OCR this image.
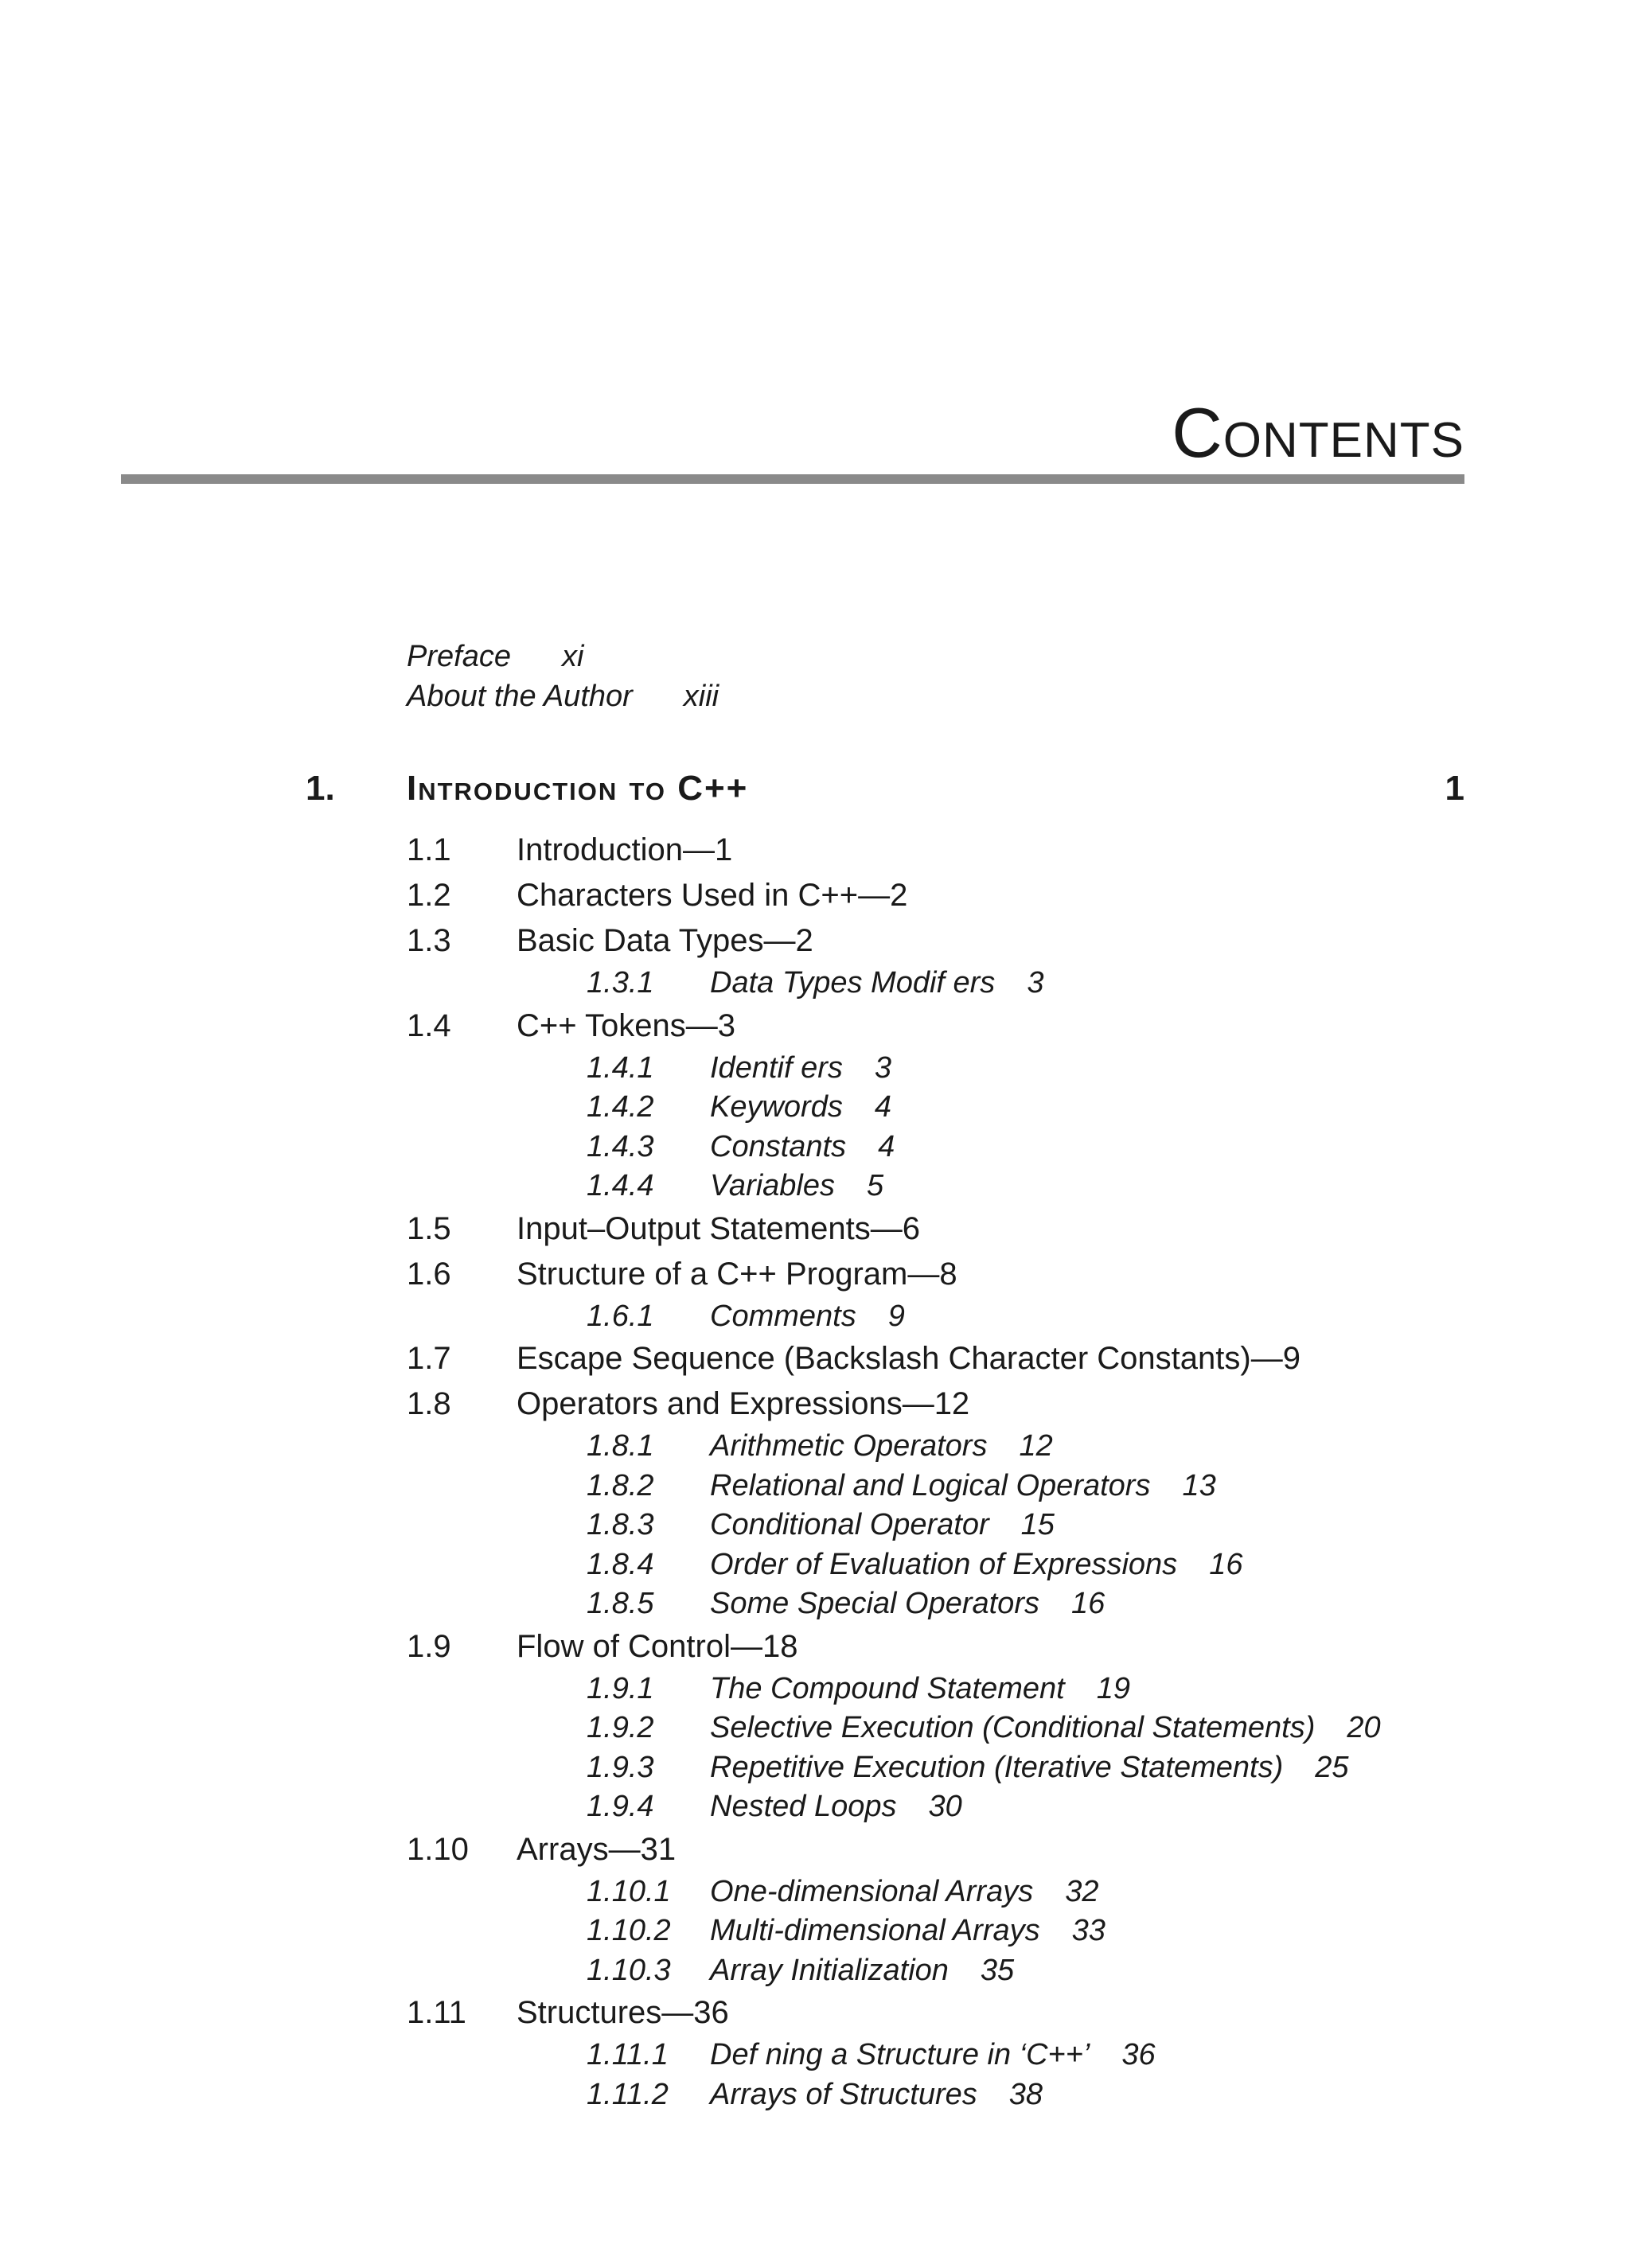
Contents
Preface xi
About the Author xiii
1.	Introduction to C++	1
1.1	Introduction—1
1.2	Characters Used in C++—2
1.3	Basic Data Types—2
1.3.1	Data Types Modif ers 3
1.4	C++ Tokens—3
1.4.1	Identif ers 3
1.4.2	Keywords 4
1.4.3	Constants 4
1.4.4	Variables 5
1.5	Input–Output Statements—6
1.6	Structure of a C++ Program—8
1.6.1	Comments 9
1.7	Escape Sequence (Backslash Character Constants)—9
1.8	Operators and Expressions—12
1.8.1	Arithmetic Operators 12
1.8.2	Relational and Logical Operators 13
1.8.3	Conditional Operator 15
1.8.4	Order of Evaluation of Expressions 16
1.8.5	Some Special Operators 16
1.9	Flow of Control—18
1.9.1	The Compound Statement 19
1.9.2	Selective Execution (Conditional Statements) 20
1.9.3	Repetitive Execution (Iterative Statements) 25
1.9.4	Nested Loops 30
1.10	Arrays—31
1.10.1	One-dimensional Arrays 32
1.10.2	Multi-dimensional Arrays 33
1.10.3	Array Initialization 35
1.11	Structures—36
1.11.1	Def ning a Structure in ‘C++’ 36
1.11.2	Arrays of Structures 38
